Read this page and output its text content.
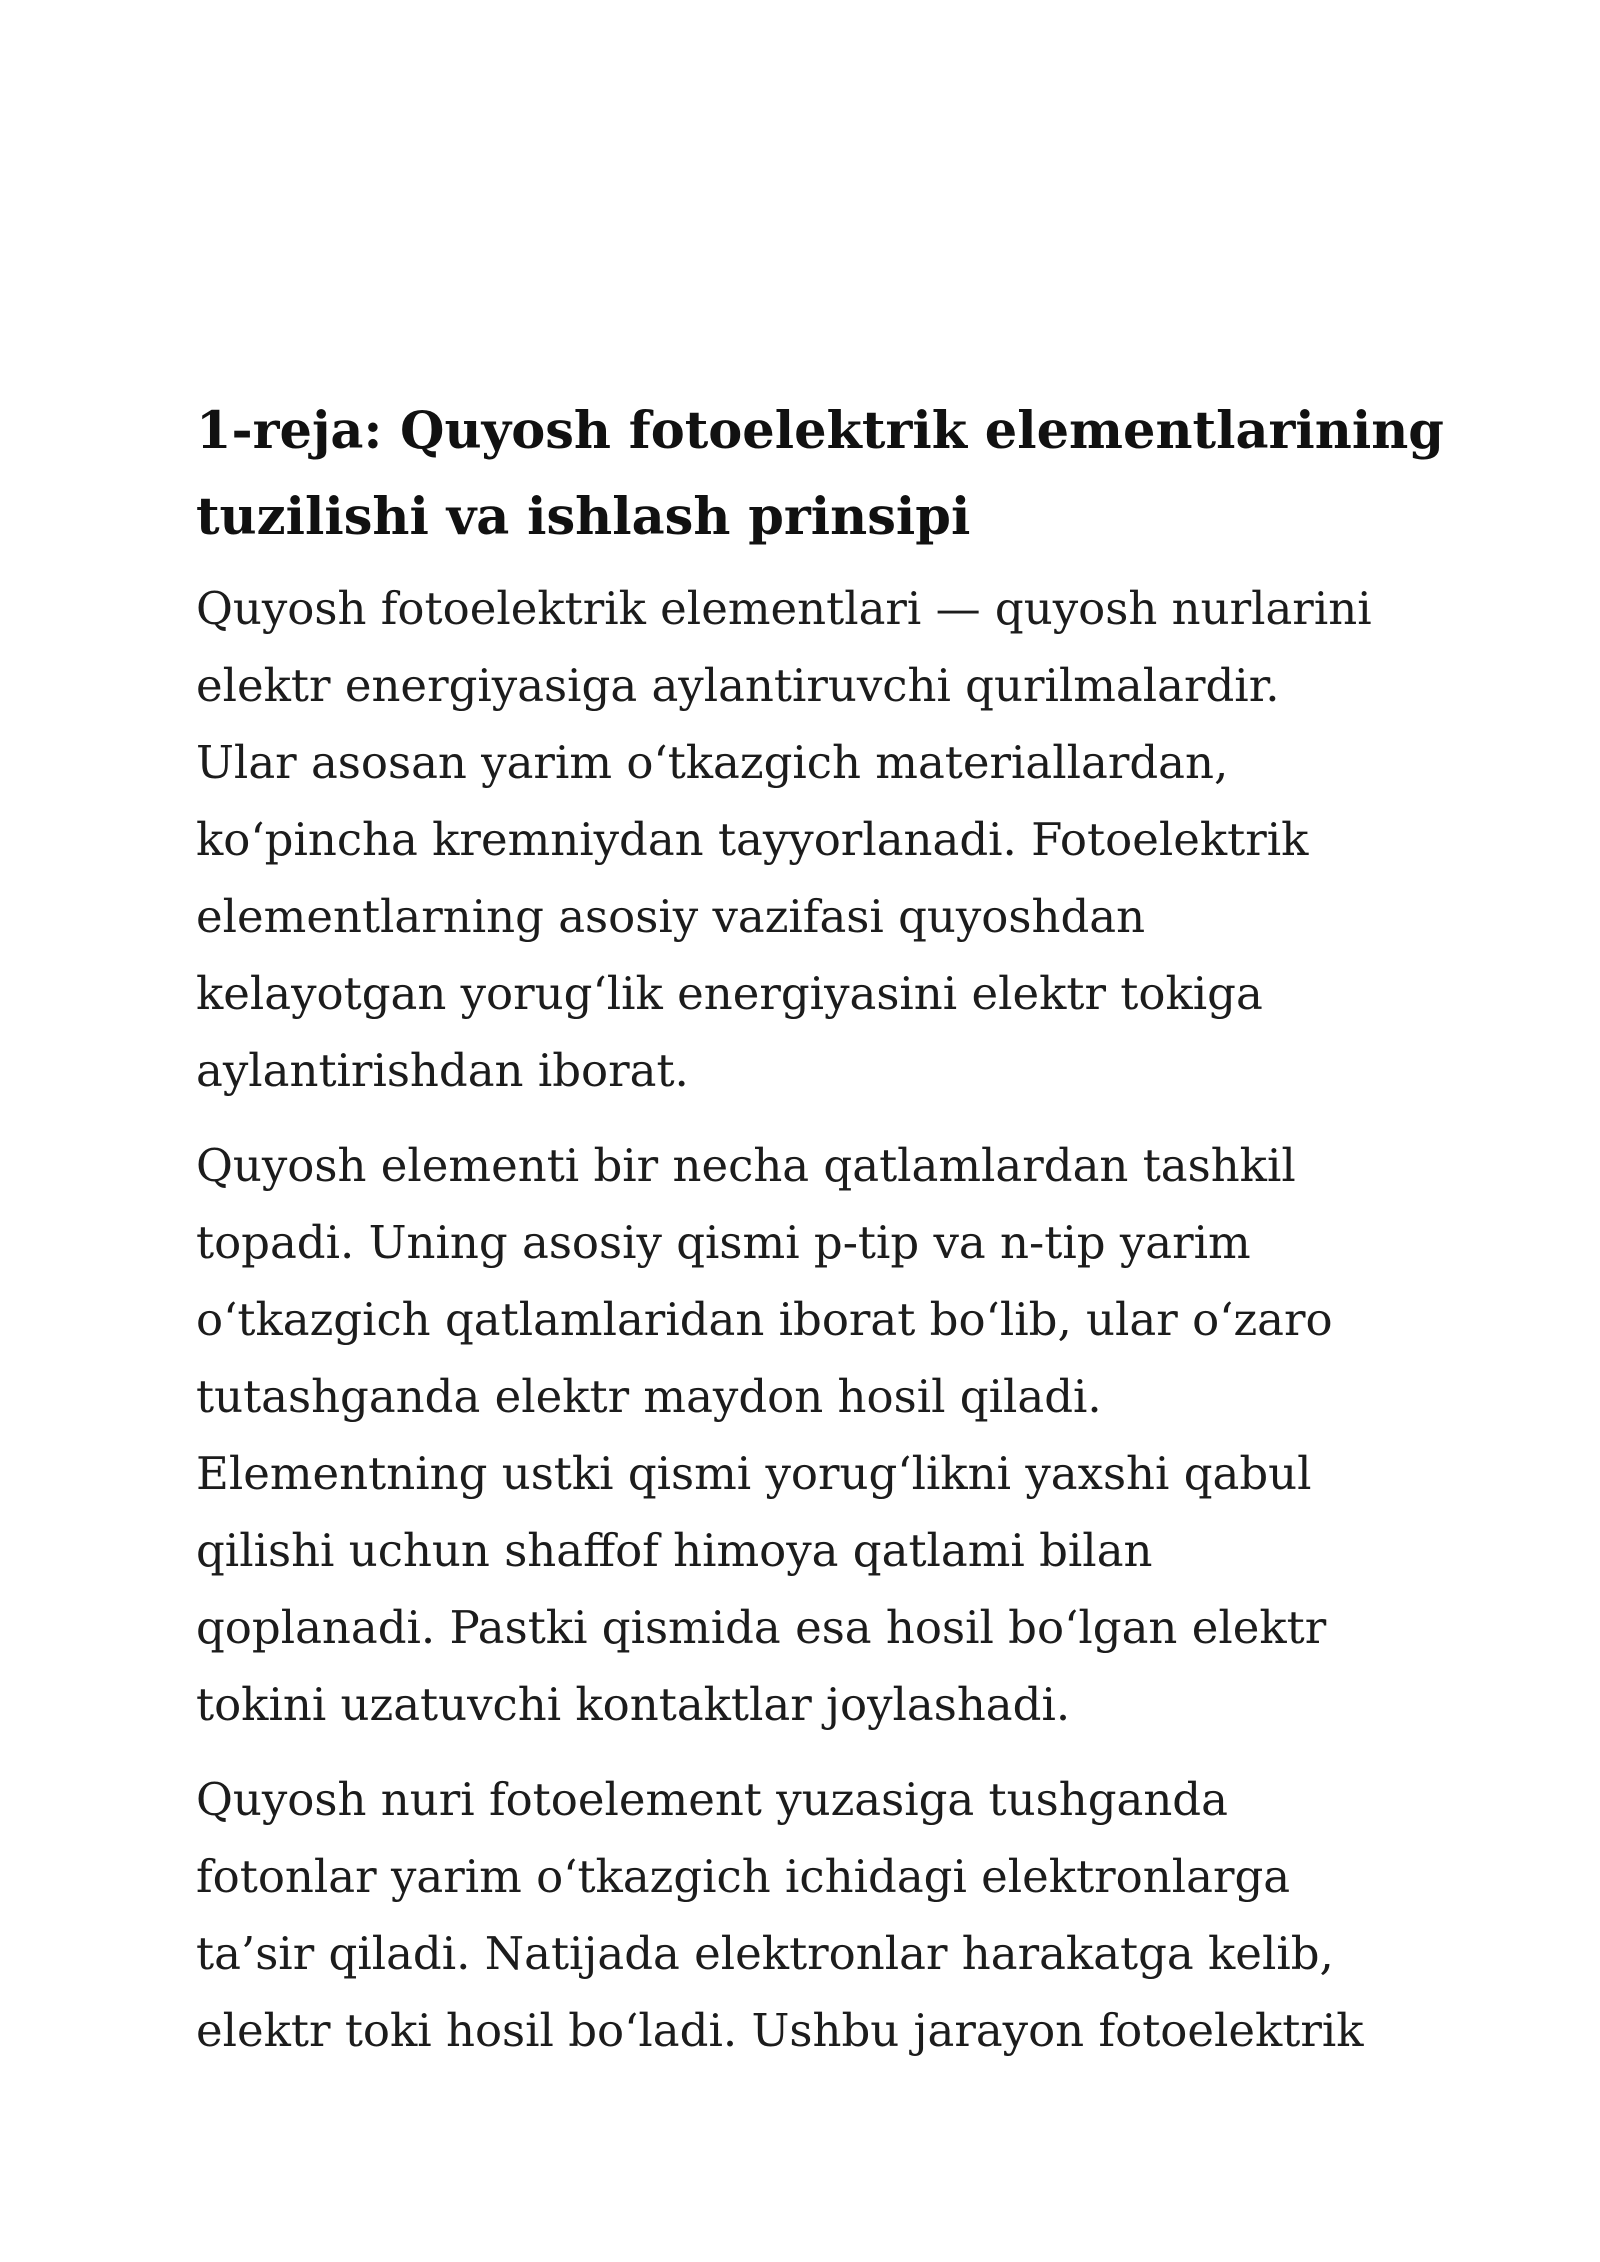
1-reja: Quyosh fotoelektrik elementlarining
tuzilishi va ishlash prinsipi

Quyosh fotoelektrik elementlari — quyosh nurlarini
elektr energiyasiga aylantiruvchi qurilmalardir.
Ular asosan yarim o‘tkazgich materiallardan,
ko‘pincha kremniydan tayyorlanadi. Fotoelektrik
elementlarning asosiy vazifasi quyoshdan
kelayotgan yorug‘lik energiyasini elektr tokiga
aylantirishdan iborat.

Quyosh elementi bir necha qatlamlardan tashkil
topadi. Uning asosiy qismi p-tip va n-tip yarim
o‘tkazgich qatlamlaridan iborat bo‘lib, ular o‘zaro
tutashganda elektr maydon hosil qiladi.
Elementning ustki qismi yorug‘likni yaxshi qabul
qilishi uchun shaffof himoya qatlami bilan
qoplanadi. Pastki qismida esa hosil bo‘lgan elektr
tokini uzatuvchi kontaktlar joylashadi.

Quyosh nuri fotoelement yuzasiga tushganda
fotonlar yarim o‘tkazgich ichidagi elektronlarga
ta’sir qiladi. Natijada elektronlar harakatga kelib,
elektr toki hosil bo‘ladi. Ushbu jarayon fotoelektrik
